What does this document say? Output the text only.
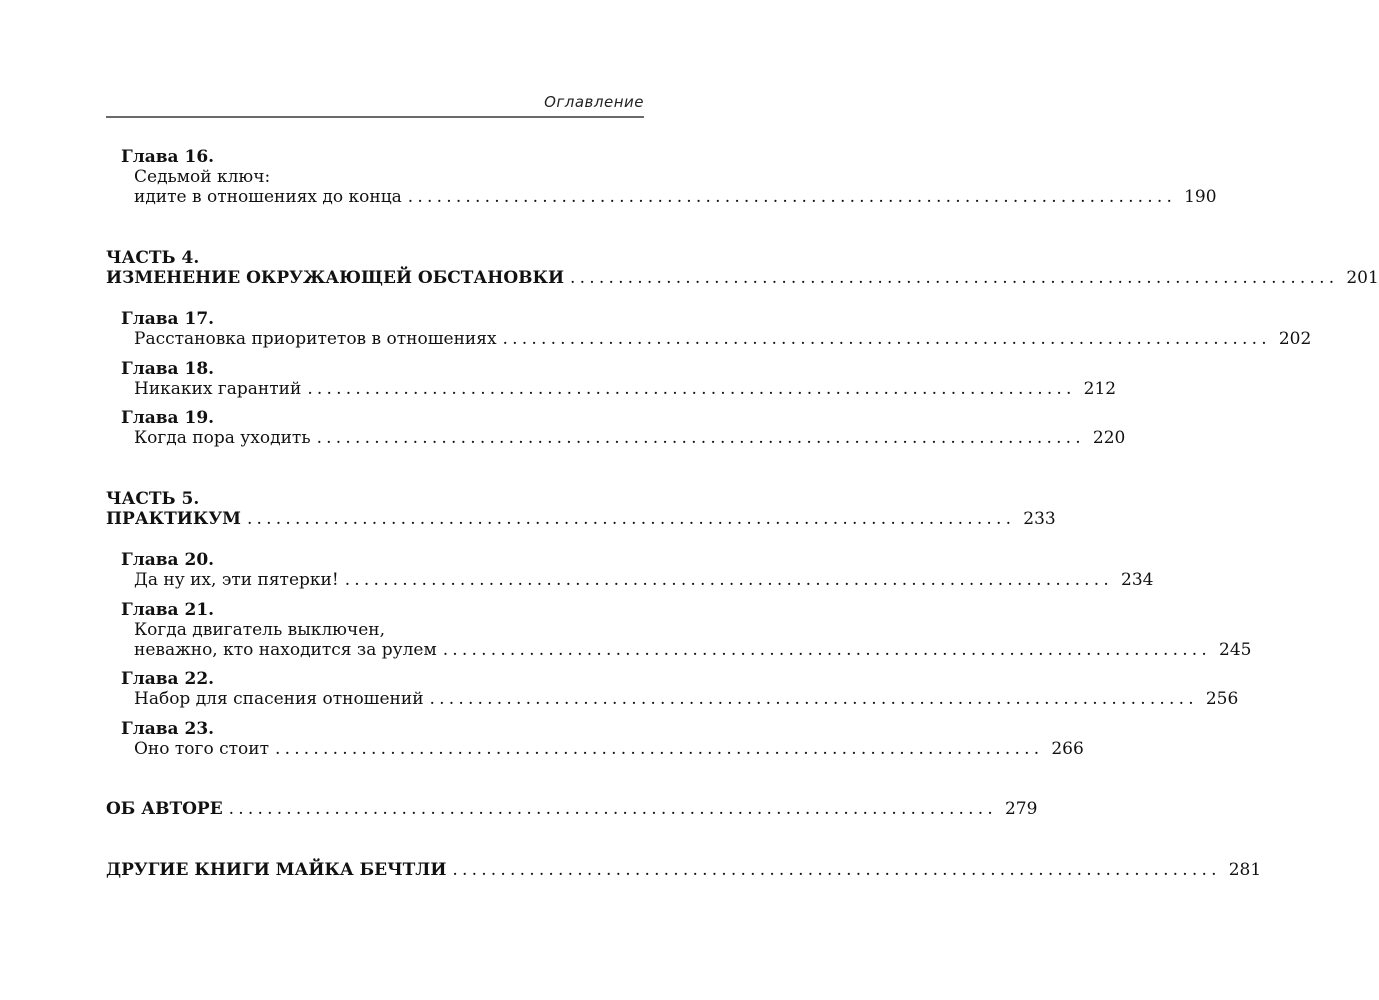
Оглавление
Глава 16.
Седьмой ключ:
идите в отношениях до конца ................................................................................ 190
ЧАСТЬ 4.
ИЗМЕНЕНИЕ ОКРУЖАЮЩЕЙ ОБСТАНОВКИ ................................................................................ 201
Глава 17.
Расстановка приоритетов в отношениях ................................................................................ 202
Глава 18.
Никаких гарантий ................................................................................ 212
Глава 19.
Когда пора уходить ................................................................................ 220
ЧАСТЬ 5.
ПРАКТИКУМ ................................................................................ 233
Глава 20.
Да ну их, эти пятерки! ................................................................................ 234
Глава 21.
Когда двигатель выключен,
неважно, кто находится за рулем ................................................................................ 245
Глава 22.
Набор для спасения отношений ................................................................................ 256
Глава 23.
Оно того стоит ................................................................................ 266
ОБ АВТОРЕ ................................................................................ 279
ДРУГИЕ КНИГИ МАЙКА БЕЧТЛИ ................................................................................ 281
